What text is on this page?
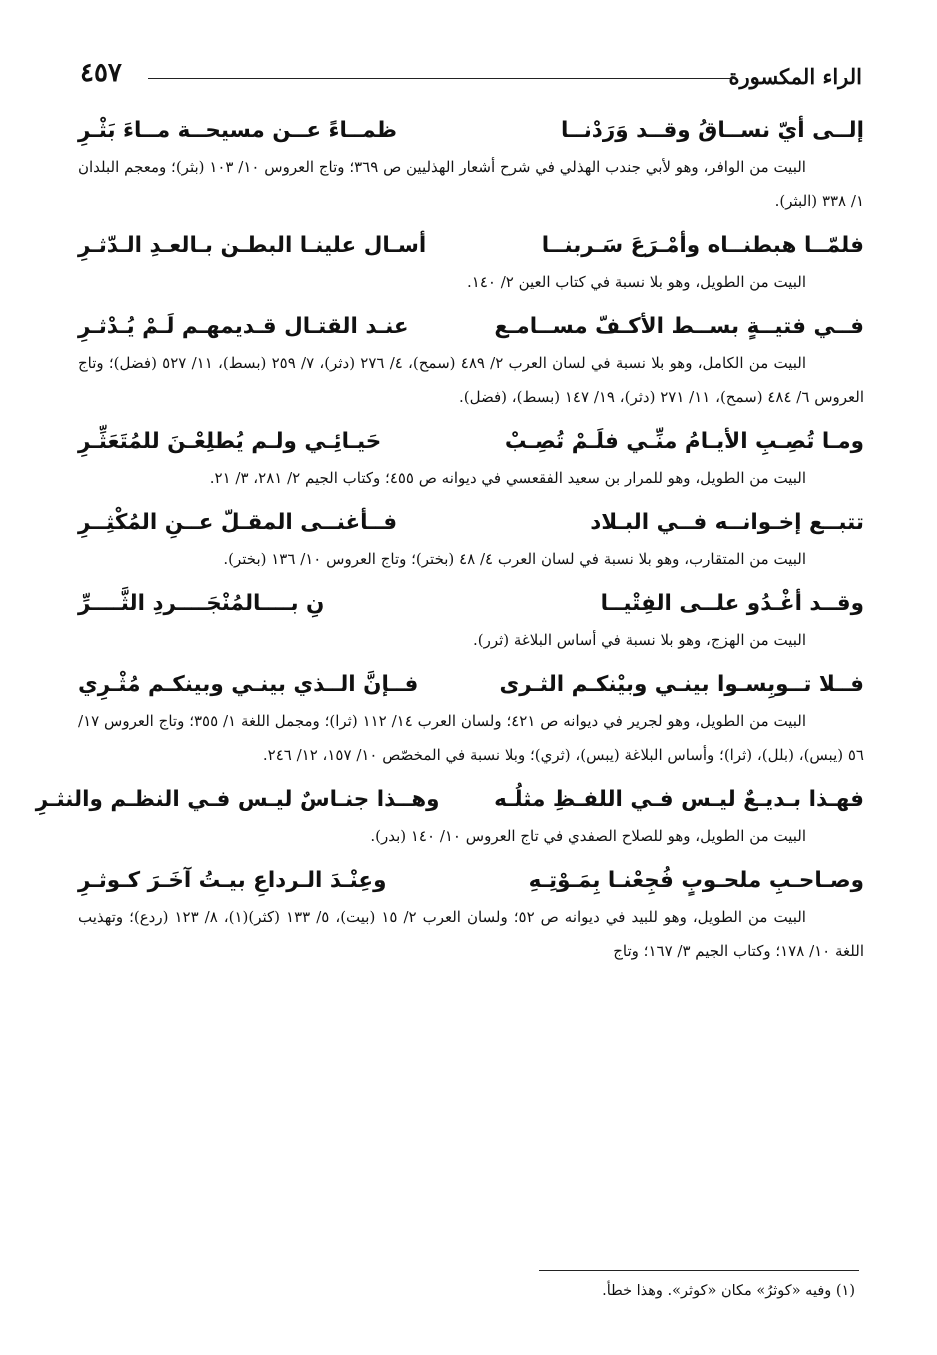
الراء المكسورة
٤٥٧
إلــى أيّ نســاقُ وقــد وَرَدْنــا
ظمــاءً عــن مسيحــة مــاءَ بَثْـرِ

البيت من الوافر، وهو لأبي جندب الهذلي في شرح أشعار الهذليين ص ٣٦٩؛ وتاج العروس ١٠/ ١٠٣ (بثر)؛ ومعجم البلدان ١/ ٣٣٨ (البثر).

فلمّــا هبطنــاه وأمْـرَعَ سَـربنــا
أسـال علينـا البطـن بـالعـدِ الـدّثـرِ

البيت من الطويل، وهو بلا نسبة في كتاب العين ٢/ ١٤٠.

فــي فتيــةٍ بســط الأكـفّ مســامـع
عنـد القتـال قـديمهـم لَـمْ يُـدْثـرِ

البيت من الكامل، وهو بلا نسبة في لسان العرب ٢/ ٤٨٩ (سمح)، ٤/ ٢٧٦ (دثر)، ٧/ ٢٥٩ (بسط)، ١١/ ٥٢٧ (فضل)؛ وتاج العروس ٦/ ٤٨٤ (سمح)، ١١/ ٢٧١ (دثر)، ١٩/ ١٤٧ (بسط)، (فضل).

ومـا تُصِـبِ الأيـامُ منِّـي فلَـمْ تُصِـبْ
حَيـائِـي ولـم يُطلِعْـنَ للمُتَعَثِّـرِ

البيت من الطويل، وهو للمرار بن سعيد الفقعسي في ديوانه ص ٤٥٥؛ وكتاب الجيم ٢/ ٢٨١، ٣/ ٢١.

تتبــع إخـوانــه فــي البـلاد
فــأغنــى المقـلّ عــنِ المُكْثِــرِ

البيت من المتقارب، وهو بلا نسبة في لسان العرب ٤/ ٤٨ (بختر)؛ وتاج العروس ١٠/ ١٣٦ (بختر).

وقــد أغْـدُو علــى الفِتْيــا
نِ بــــالمُنْجَــــردِ الثَّــــرِّ

البيت من الهزج، وهو بلا نسبة في أساس البلاغة (ثرر).

فــلا تــوبِسـوا بينـي وبيْنكـم الثـرى
فــإنَّ الــذي بينـي وبينكـم مُثْـرِي

البيت من الطويل، وهو لجرير في ديوانه ص ٤٢١؛ ولسان العرب ١٤/ ١١٢ (ثرا)؛ ومجمل اللغة ١/ ٣٥٥؛ وتاج العروس ١٧/ ٥٦ (يبس)، (بلل)، (ثرا)؛ وأساس البلاغة (يبس)، (ثري)؛ وبلا نسبة في المخصّص ١٠/ ١٥٧، ١٢/ ٢٤٦.

فهـذا بـديـعٌ ليـس فـي اللفـظِ مثلُـه
وهــذا جنـاسٌ ليـس فـي النظـم والنثـرِ

البيت من الطويل، وهو للصلاح الصفدي في تاج العروس ١٠/ ١٤٠ (بدر).

وصـاحـبِ ملحـوبٍ فُجِعْنـا بِمَـوْتِـهِ
وعِنْـدَ الـرداعِ بيـتُ آخَـرَ كـوثـرِ

البيت من الطويل، وهو للبيد في ديوانه ص ٥٢؛ ولسان العرب ٢/ ١٥ (بيت)، ٥/ ١٣٣ (كثر)(١)، ٨/ ١٢٣ (ردع)؛ وتهذيب اللغة ١٠/ ١٧٨؛ وكتاب الجيم ٣/ ١٦٧؛ وتاج

(١) وفيه «كوثرُ» مكان «كوثر». وهذا خطأ.
